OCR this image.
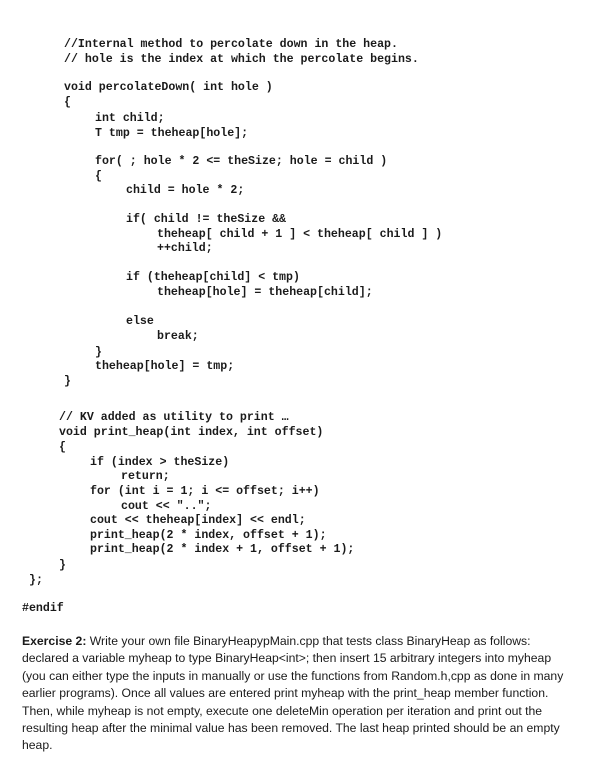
//Internal method to percolate down in the heap.
// hole is the index at which the percolate begins.
void percolateDown( int hole )
{
int child;
T tmp = theheap[hole];
for( ; hole * 2 <= theSize; hole = child )
{
child = hole * 2;
if( child != theSize &&
theheap[ child + 1 ] < theheap[ child ] )
++child;
if (theheap[child] < tmp)
theheap[hole] = theheap[child];
else
break;
}
theheap[hole] = tmp;
}
// KV added as utility to print …
void print_heap(int index, int offset)
{
if (index > theSize)
return;
for (int i = 1; i <= offset; i++)
cout << "..";
cout << theheap[index] << endl;
print_heap(2 * index, offset + 1);
print_heap(2 * index + 1, offset + 1);
}
};
#endif
Exercise 2: Write your own file BinaryHeapypMain.cpp that tests class BinaryHeap as follows: declared a variable myheap to type BinaryHeap<int>; then insert 15 arbitrary integers into myheap (you can either type the inputs in manually or use the functions from Random.h,cpp as done in many earlier programs). Once all values are entered print myheap with the print_heap member function. Then, while myheap is not empty, execute one deleteMin operation per iteration and print out the resulting heap after the minimal value has been removed. The last heap printed should be an empty heap.
